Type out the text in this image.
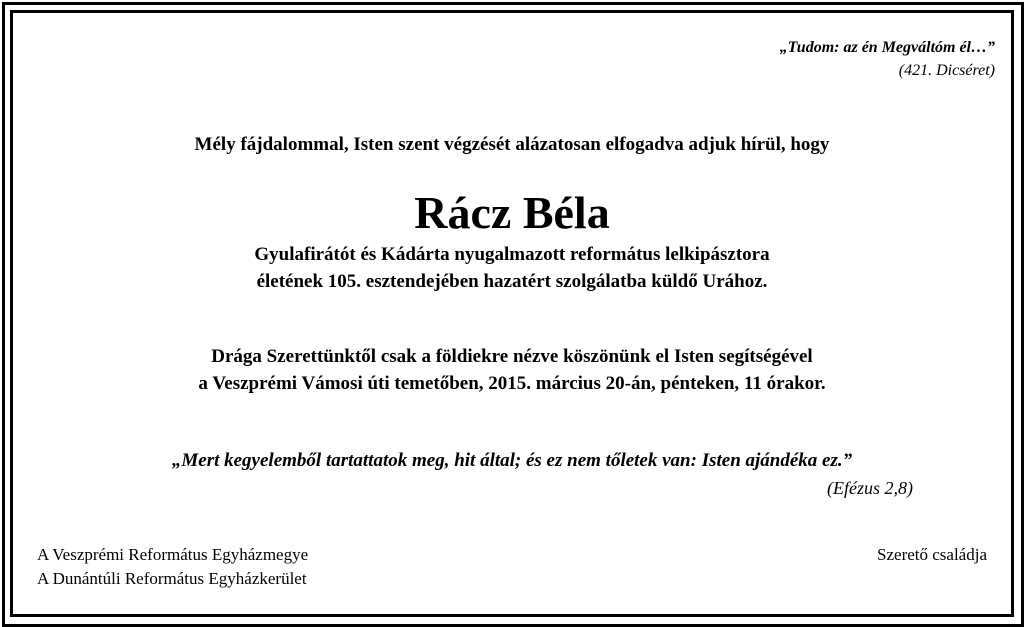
„Tudom: az én Megváltóm él…”
(421. Dicséret)
Mély fájdalommal, Isten szent végzését alázatosan elfogadva adjuk hírül, hogy
Rácz Béla
Gyulafirátót és Kádárta nyugalmazott református lelkipásztora
életének 105. esztendejében hazatért szolgálatba küldő Urához.
Drága Szerettünktől csak a földiekre nézve köszönünk el Isten segítségével
a Veszprémi Vámosi úti temetőben, 2015. március 20-án, pénteken, 11 órakor.
„Mert kegyelemből tartattatok meg, hit által; és ez nem tőletek van: Isten ajándéka ez.”
(Efézus 2,8)
A Veszprémi Református Egyházmegye
A Dunántúli Református Egyházkerület
Szerető családja
